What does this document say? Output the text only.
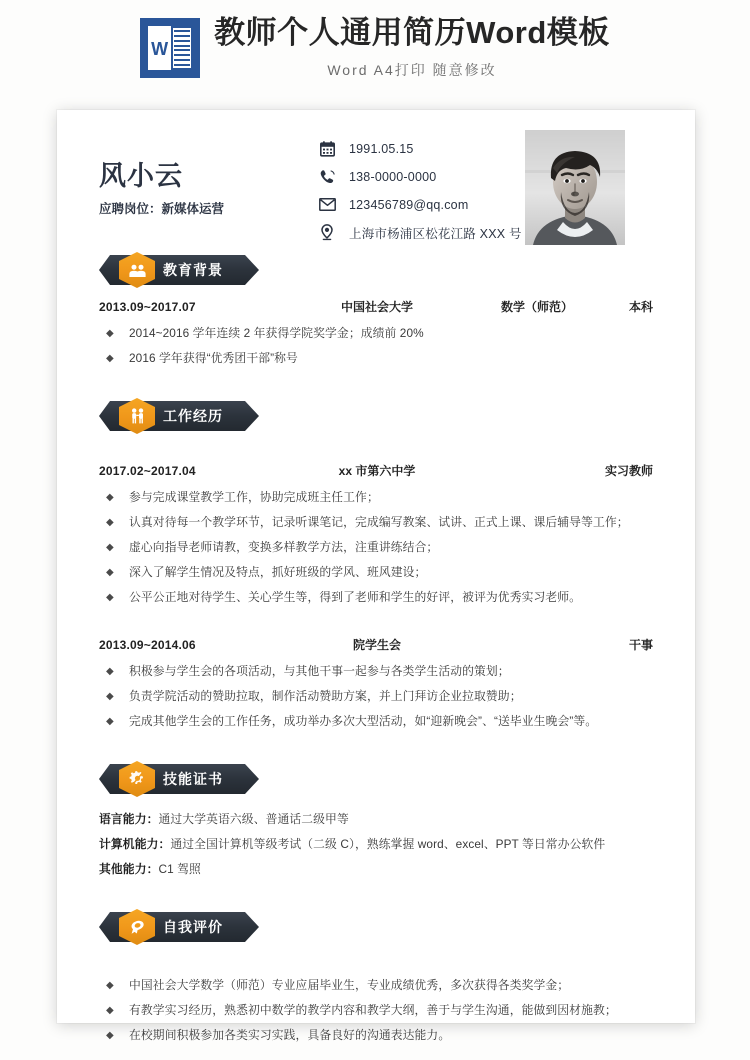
W 教师个人通用简历Word模板
Word A4打印 随意修改
风小云
应聘岗位：新媒体运营
1991.05.15
138-0000-0000
123456789@qq.com
上海市杨浦区松花江路 XXX 号
教育背景
2013.09~2017.07	中国社会大学	数学（师范）	本科
◆ 2014~2016 学年连续 2 年获得学院奖学金；成绩前 20%
◆ 2016 学年获得“优秀团干部”称号
工作经历
2017.02~2017.04	xx 市第六中学	实习教师
◆ 参与完成课堂教学工作，协助完成班主任工作；
◆ 认真对待每一个教学环节，记录听课笔记，完成编写教案、试讲、正式上课、课后辅导等工作；
◆ 虚心向指导老师请教，变换多样教学方法，注重讲练结合；
◆ 深入了解学生情况及特点，抓好班级的学风、班风建设；
◆ 公平公正地对待学生、关心学生等，得到了老师和学生的好评，被评为优秀实习老师。
2013.09~2014.06	院学生会	干事
◆ 积极参与学生会的各项活动，与其他干事一起参与各类学生活动的策划；
◆ 负责学院活动的赞助拉取，制作活动赞助方案，并上门拜访企业拉取赞助；
◆ 完成其他学生会的工作任务，成功举办多次大型活动，如“迎新晚会”、“送毕业生晚会”等。
技能证书
语言能力：通过大学英语六级、普通话二级甲等
计算机能力：通过全国计算机等级考试（二级 C），熟练掌握 word、excel、PPT 等日常办公软件
其他能力：C1 驾照
自我评价
◆ 中国社会大学数学（师范）专业应届毕业生，专业成绩优秀，多次获得各类奖学金；
◆ 有教学实习经历，熟悉初中数学的教学内容和教学大纲，善于与学生沟通，能做到因材施教；
◆ 在校期间积极参加各类实习实践，具备良好的沟通表达能力。
